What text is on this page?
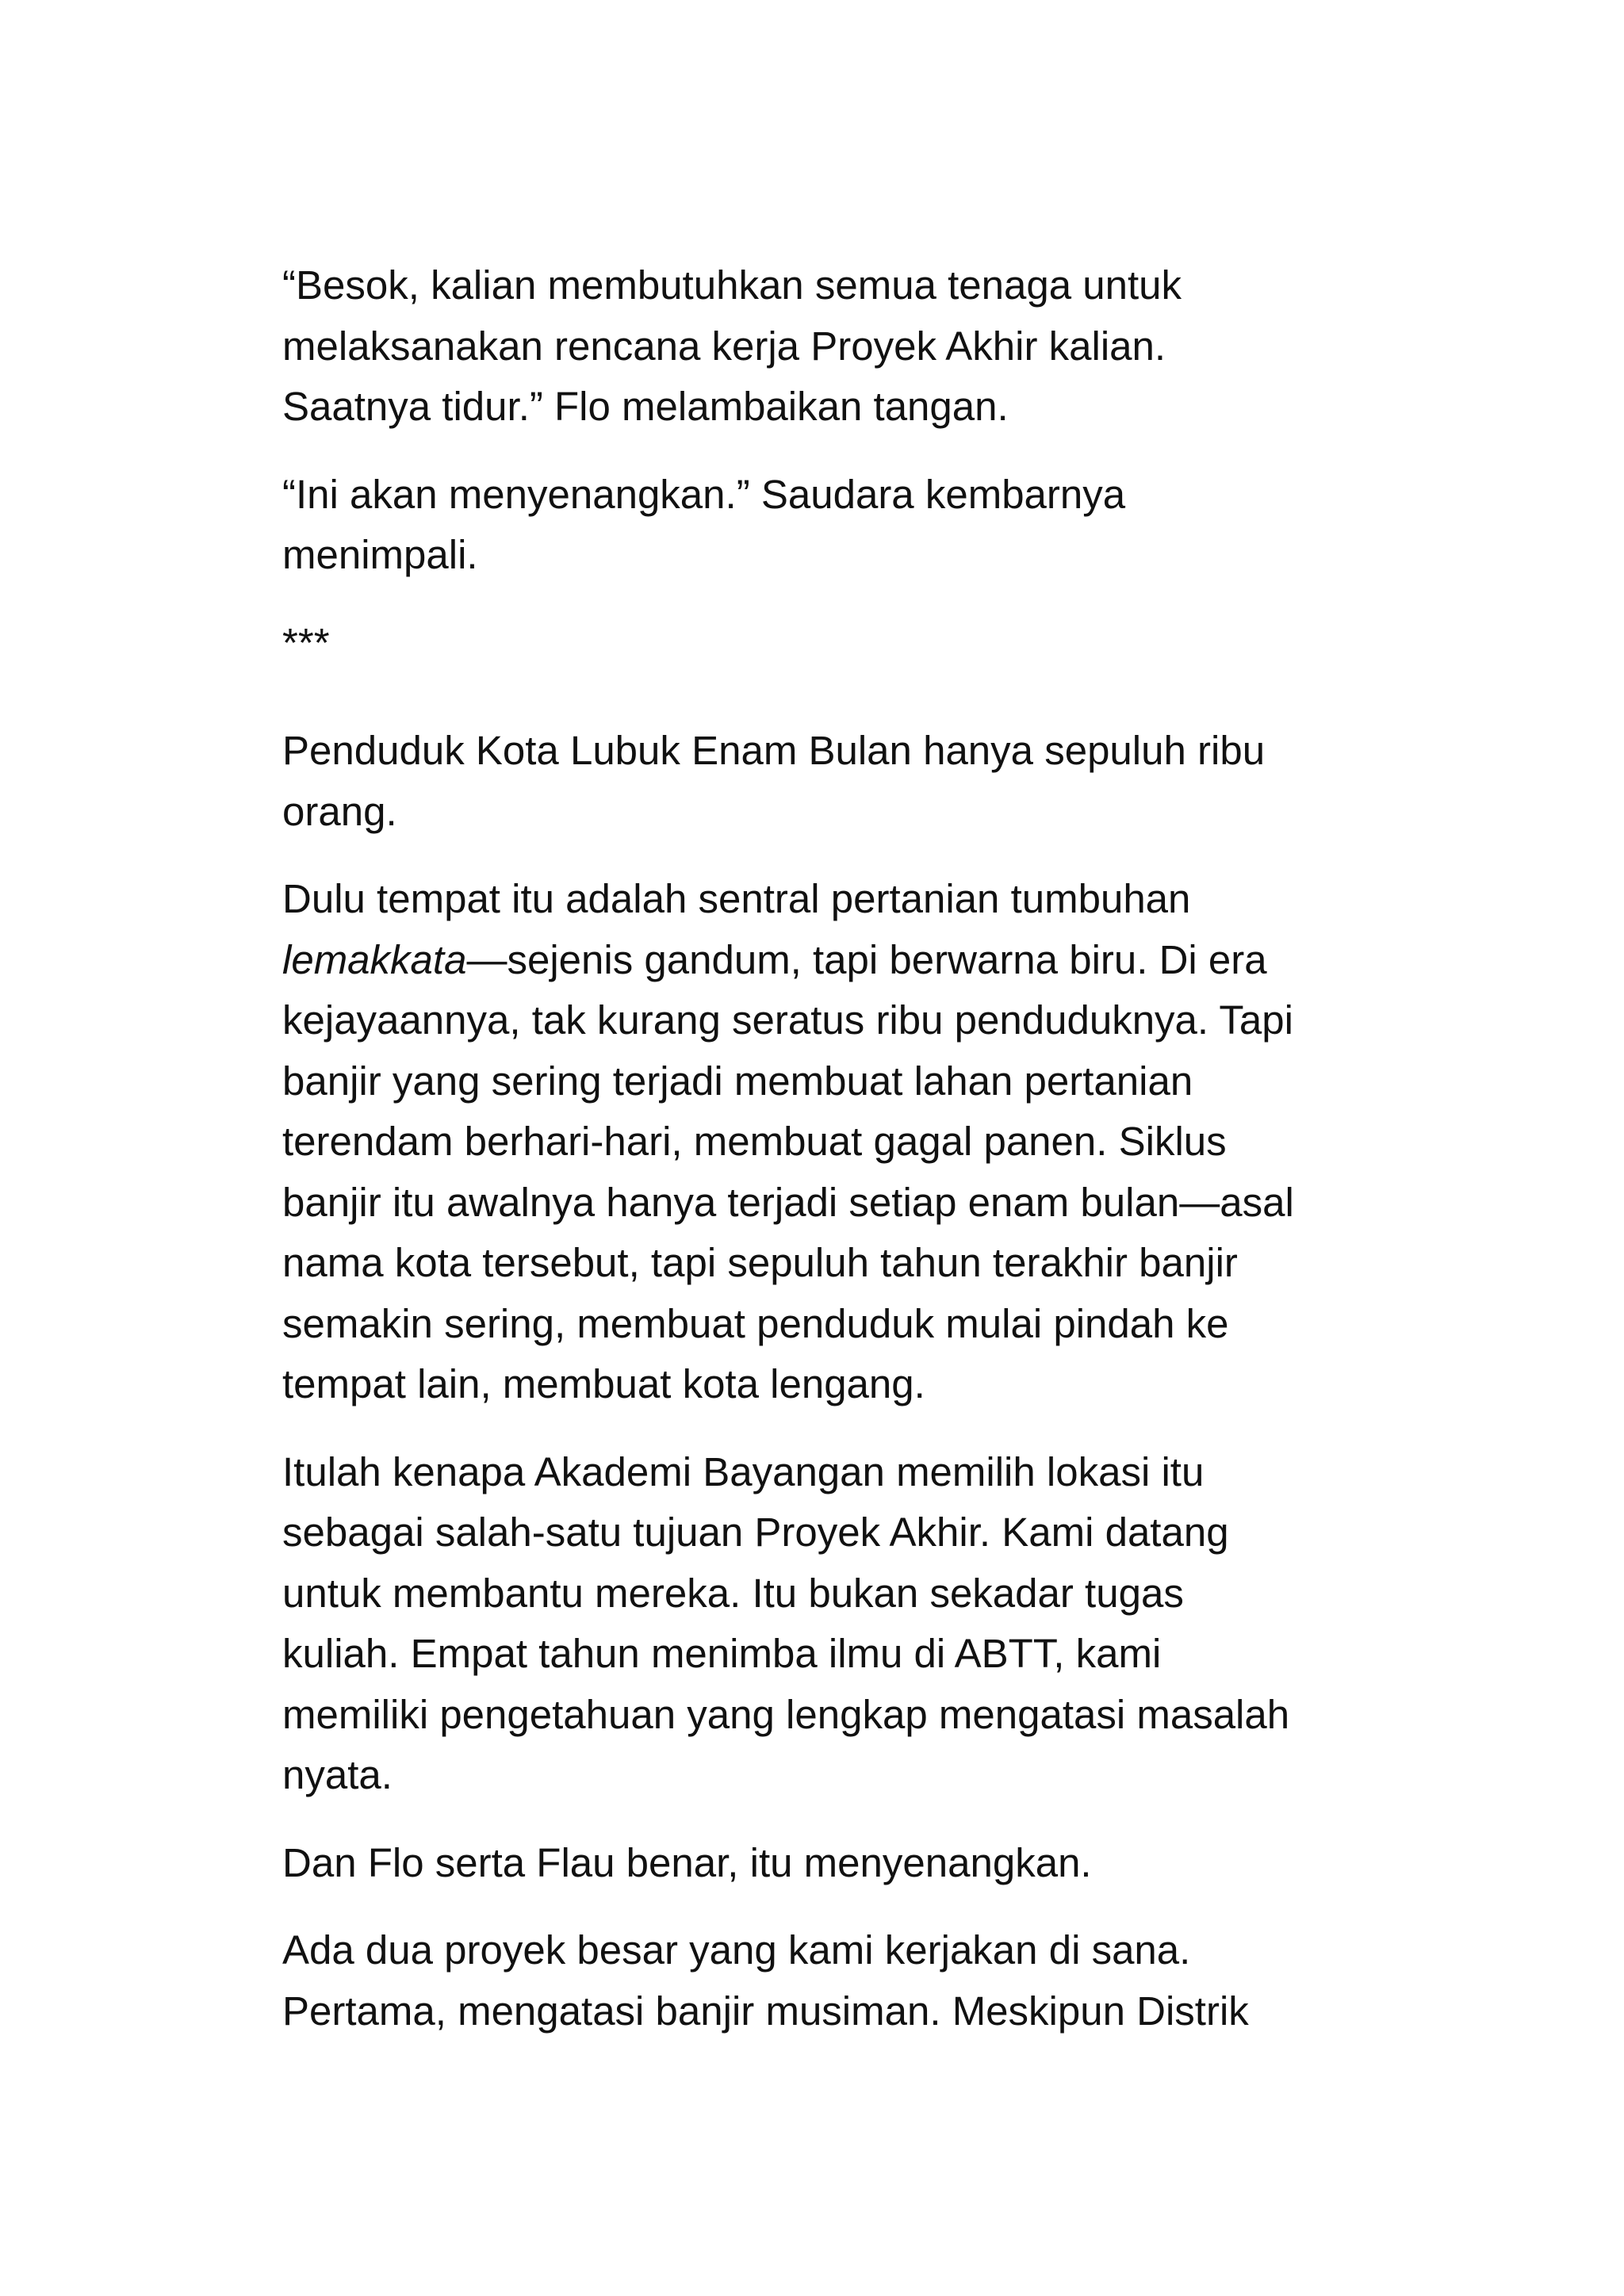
“Besok, kalian membutuhkan semua tenaga untuk
melaksanakan rencana kerja Proyek Akhir kalian.
Saatnya tidur.” Flo melambaikan tangan.
“Ini akan menyenangkan.” Saudara kembarnya
menimpali.
***
Penduduk Kota Lubuk Enam Bulan hanya sepuluh ribu
orang.
Dulu tempat itu adalah sentral pertanian tumbuhan
lemakkata—sejenis gandum, tapi berwarna biru. Di era
kejayaannya, tak kurang seratus ribu penduduknya. Tapi
banjir yang sering terjadi membuat lahan pertanian
terendam berhari-hari, membuat gagal panen. Siklus
banjir itu awalnya hanya terjadi setiap enam bulan—asal
nama kota tersebut, tapi sepuluh tahun terakhir banjir
semakin sering, membuat penduduk mulai pindah ke
tempat lain, membuat kota lengang.
Itulah kenapa Akademi Bayangan memilih lokasi itu
sebagai salah-satu tujuan Proyek Akhir. Kami datang
untuk membantu mereka. Itu bukan sekadar tugas
kuliah. Empat tahun menimba ilmu di ABTT, kami
memiliki pengetahuan yang lengkap mengatasi masalah
nyata.
Dan Flo serta Flau benar, itu menyenangkan.
Ada dua proyek besar yang kami kerjakan di sana.
Pertama, mengatasi banjir musiman. Meskipun Distrik
